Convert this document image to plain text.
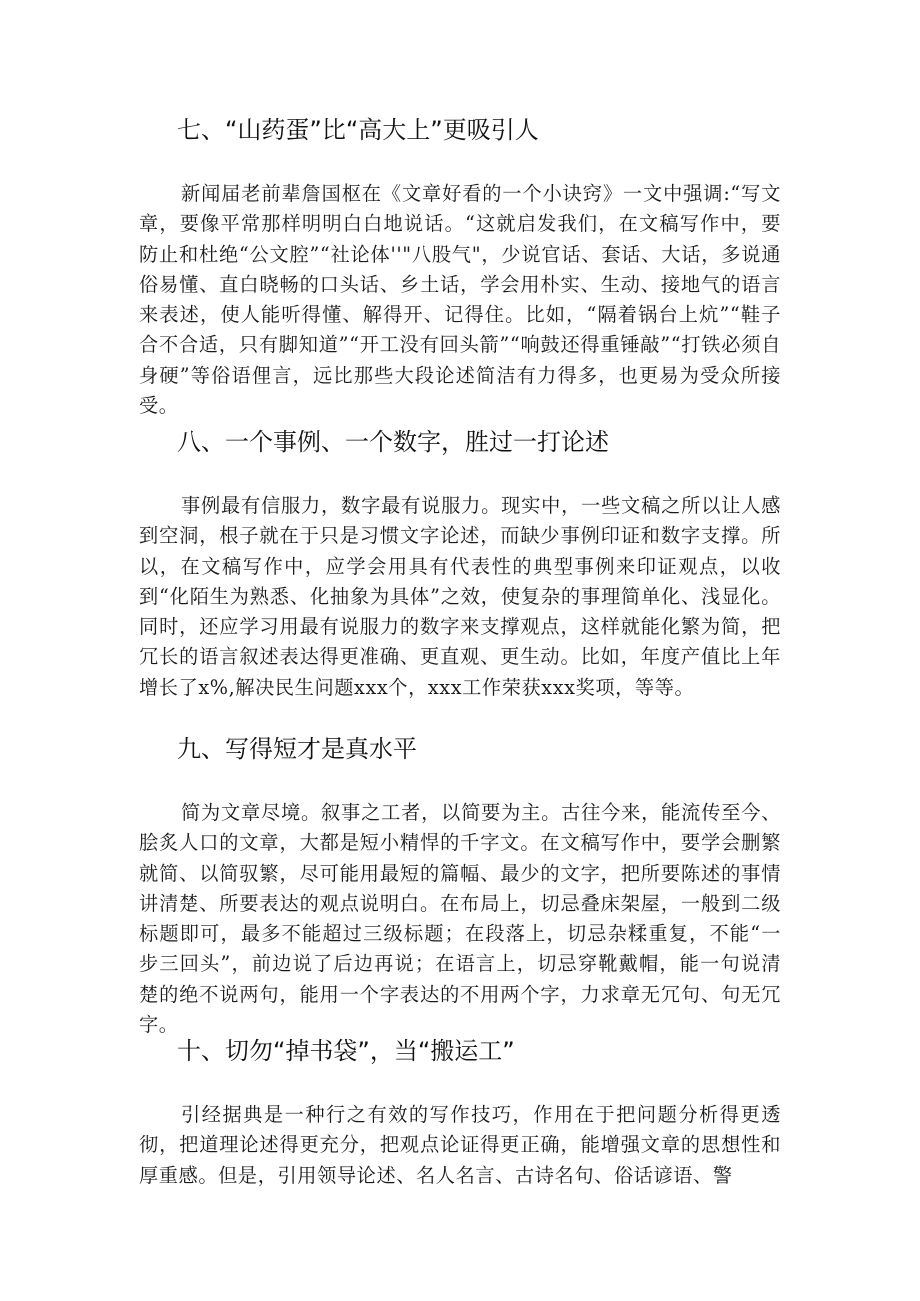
七、“山药蛋”比“高大上”更吸引人

新闻届老前辈詹国枢在《文章好看的一个小诀窍》一文中强调:“写文章，要像平常那样明明白白地说话。“这就启发我们，在文稿写作中，要防止和杜绝“公文腔”“社论体''"八股气"，少说官话、套话、大话，多说通俗易懂、直白晓畅的口头话、乡土话，学会用朴实、生动、接地气的语言来表述，使人能听得懂、解得开、记得住。比如，“隔着锅台上炕”“鞋子合不合适，只有脚知道”“开工没有回头箭”“响鼓还得重锤敲”“打铁必须自身硬”等俗语俚言，远比那些大段论述简洁有力得多，也更易为受众所接受。

八、一个事例、一个数字，胜过一打论述

事例最有信服力，数字最有说服力。现实中，一些文稿之所以让人感到空洞，根子就在于只是习惯文字论述，而缺少事例印证和数字支撑。所以，在文稿写作中，应学会用具有代表性的典型事例来印证观点，以收到“化陌生为熟悉、化抽象为具体”之效，使复杂的事理简单化、浅显化。同时，还应学习用最有说服力的数字来支撑观点，这样就能化繁为简，把冗长的语言叙述表达得更准确、更直观、更生动。比如，年度产值比上年增长了x%,解决民生问题xxx个，xxx工作荣获xxx奖项，等等。

九、写得短才是真水平

简为文章尽境。叙事之工者，以简要为主。古往今来，能流传至今、脍炙人口的文章，大都是短小精悍的千字文。在文稿写作中，要学会删繁就简、以简驭繁，尽可能用最短的篇幅、最少的文字，把所要陈述的事情讲清楚、所要表达的观点说明白。在布局上，切忌叠床架屋，一般到二级标题即可，最多不能超过三级标题；在段落上，切忌杂糅重复，不能“一步三回头”，前边说了后边再说；在语言上，切忌穿靴戴帽，能一句说清楚的绝不说两句，能用一个字表达的不用两个字，力求章无冗句、句无冗字。

十、切勿“掉书袋”，当“搬运工”

引经据典是一种行之有效的写作技巧，作用在于把问题分析得更透彻，把道理论述得更充分，把观点论证得更正确，能增强文章的思想性和厚重感。但是，引用领导论述、名人名言、古诗名句、俗话谚语、警
